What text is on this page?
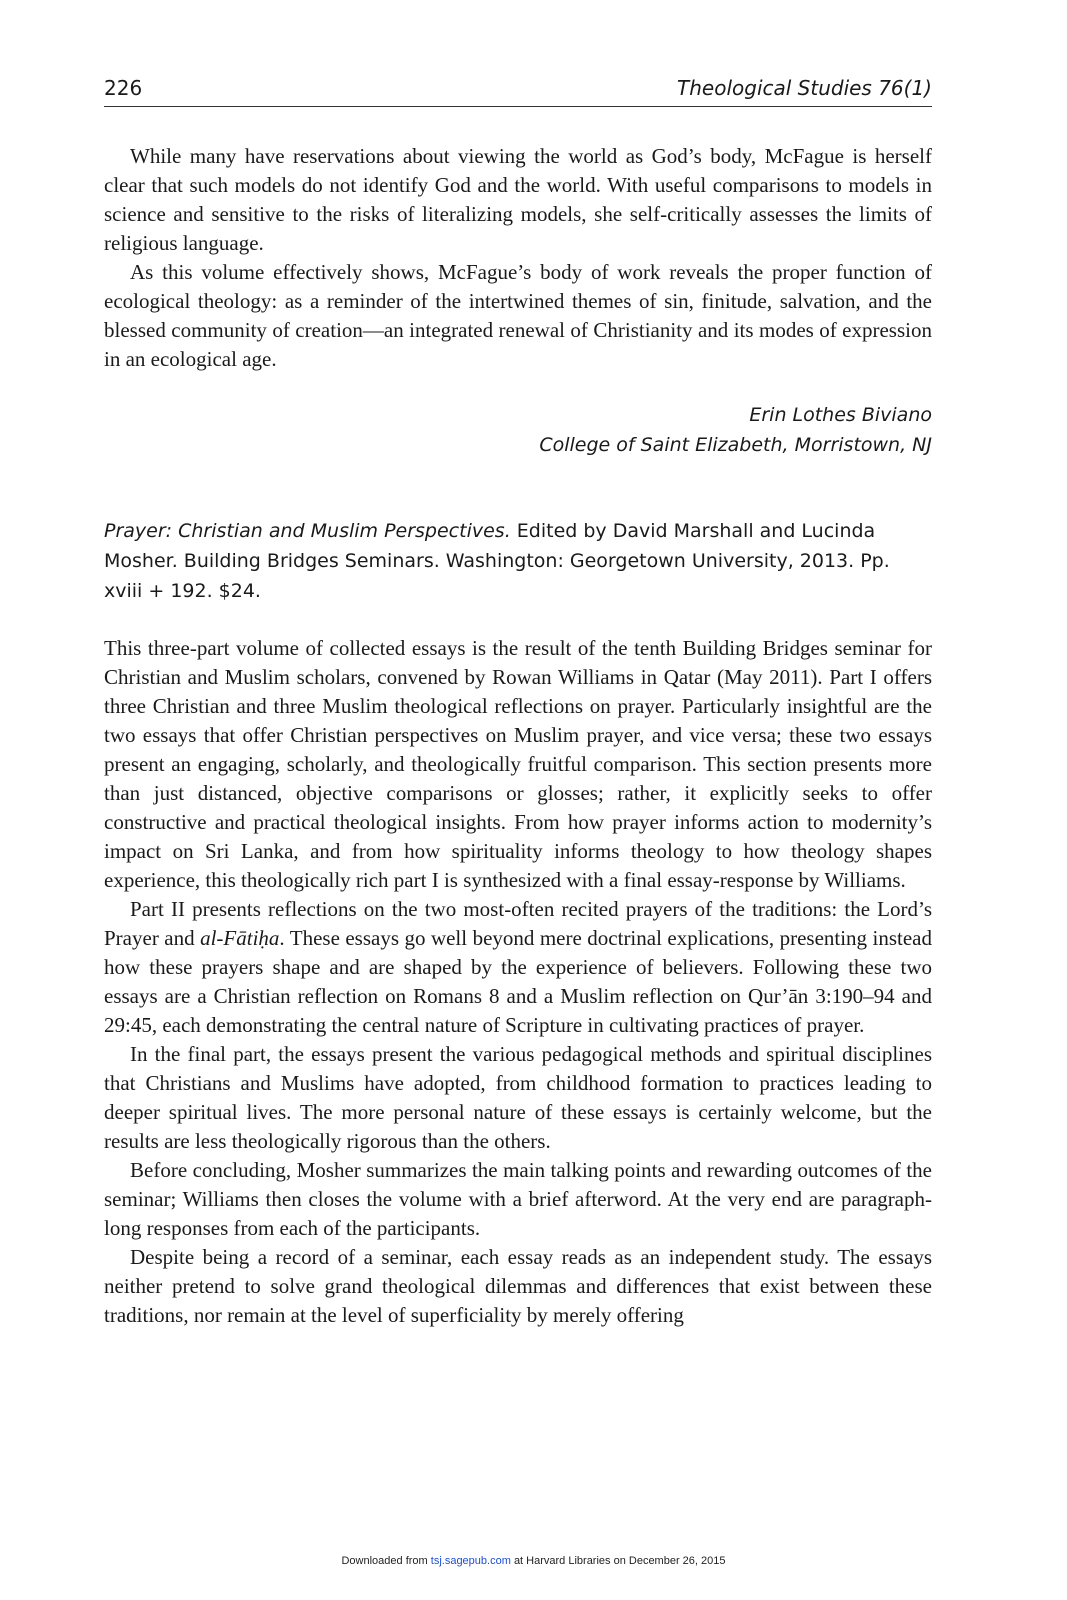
226	Theological Studies 76(1)

While many have reservations about viewing the world as God’s body, McFague is herself clear that such models do not identify God and the world. With useful comparisons to models in science and sensitive to the risks of literalizing models, she self-critically assesses the limits of religious language.

As this volume effectively shows, McFague’s body of work reveals the proper function of ecological theology: as a reminder of the intertwined themes of sin, finitude, salvation, and the blessed community of creation—an integrated renewal of Christianity and its modes of expression in an ecological age.

Erin Lothes Biviano
College of Saint Elizabeth, Morristown, NJ
Prayer: Christian and Muslim Perspectives. Edited by David Marshall and Lucinda Mosher. Building Bridges Seminars. Washington: Georgetown University, 2013. Pp. xviii + 192. $24.

This three-part volume of collected essays is the result of the tenth Building Bridges seminar for Christian and Muslim scholars, convened by Rowan Williams in Qatar (May 2011). Part I offers three Christian and three Muslim theological reflections on prayer. Particularly insightful are the two essays that offer Christian perspectives on Muslim prayer, and vice versa; these two essays present an engaging, scholarly, and theologically fruitful comparison. This section presents more than just distanced, objective comparisons or glosses; rather, it explicitly seeks to offer constructive and practical theological insights. From how prayer informs action to modernity’s impact on Sri Lanka, and from how spirituality informs theology to how theology shapes experience, this theologically rich part I is synthesized with a final essay-response by Williams.

Part II presents reflections on the two most-often recited prayers of the traditions: the Lord’s Prayer and al-Fātiḥa. These essays go well beyond mere doctrinal explications, presenting instead how these prayers shape and are shaped by the experience of believers. Following these two essays are a Christian reflection on Romans 8 and a Muslim reflection on Qur’ān 3:190–94 and 29:45, each demonstrating the central nature of Scripture in cultivating practices of prayer.

In the final part, the essays present the various pedagogical methods and spiritual disciplines that Christians and Muslims have adopted, from childhood formation to practices leading to deeper spiritual lives. The more personal nature of these essays is certainly welcome, but the results are less theologically rigorous than the others.

Before concluding, Mosher summarizes the main talking points and rewarding outcomes of the seminar; Williams then closes the volume with a brief afterword. At the very end are paragraph-long responses from each of the participants.

Despite being a record of a seminar, each essay reads as an independent study. The essays neither pretend to solve grand theological dilemmas and differences that exist between these traditions, nor remain at the level of superficiality by merely offering

Downloaded from tsj.sagepub.com at Harvard Libraries on December 26, 2015
